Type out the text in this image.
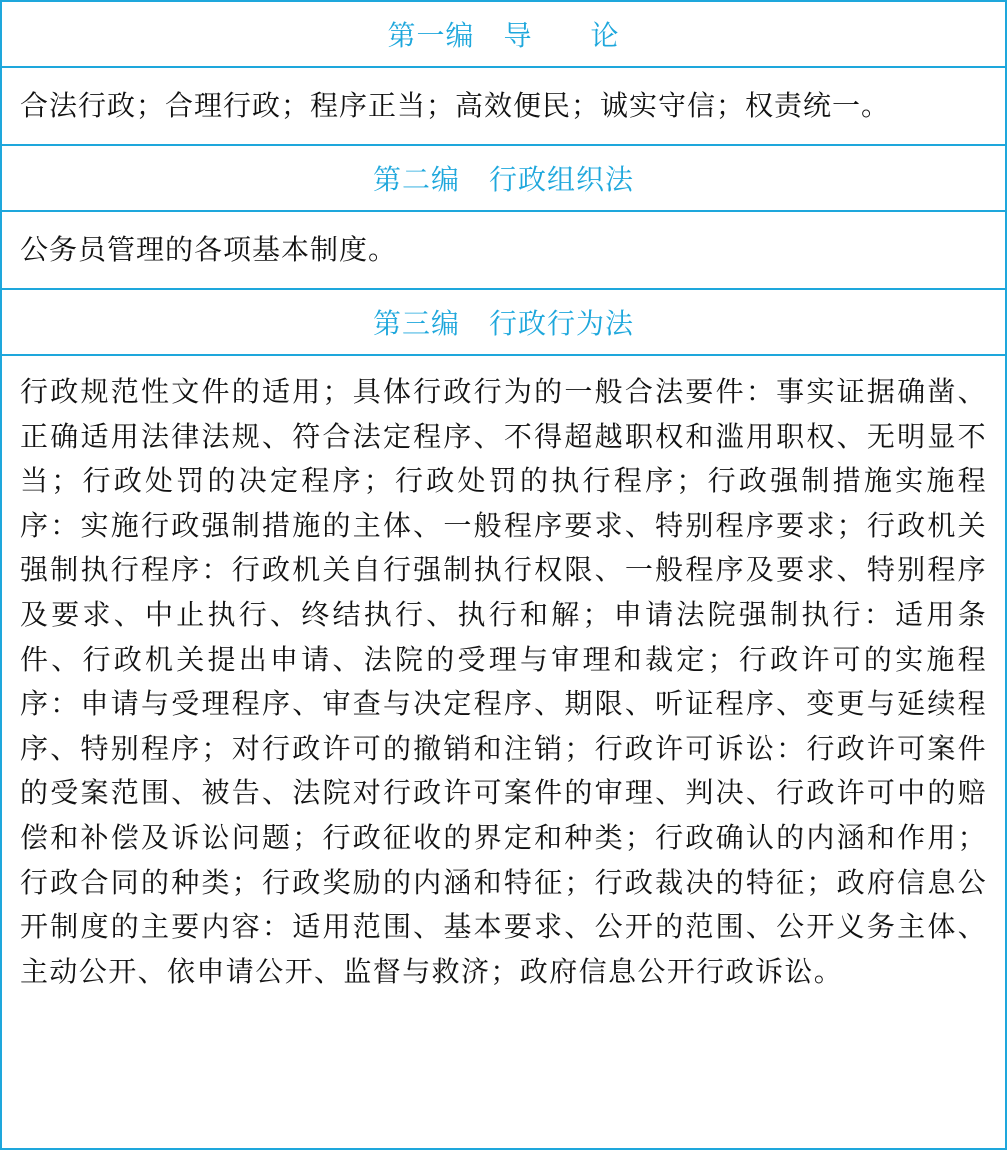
第一编　导　　论
合法行政；合理行政；程序正当；高效便民；诚实守信；权责统一。
第二编　行政组织法
公务员管理的各项基本制度。
第三编　行政行为法
行政规范性文件的适用；具体行政行为的一般合法要件：事实证据确凿、正确适用法律法规、符合法定程序、不得超越职权和滥用职权、无明显不当；行政处罚的决定程序；行政处罚的执行程序；行政强制措施实施程序：实施行政强制措施的主体、一般程序要求、特别程序要求；行政机关强制执行程序：行政机关自行强制执行权限、一般程序及要求、特别程序及要求、中止执行、终结执行、执行和解；申请法院强制执行：适用条件、行政机关提出申请、法院的受理与审理和裁定；行政许可的实施程序：申请与受理程序、审查与决定程序、期限、听证程序、变更与延续程序、特别程序；对行政许可的撤销和注销；行政许可诉讼：行政许可案件的受案范围、被告、法院对行政许可案件的审理、判决、行政许可中的赔偿和补偿及诉讼问题；行政征收的界定和种类；行政确认的内涵和作用；行政合同的种类；行政奖励的内涵和特征；行政裁决的特征；政府信息公开制度的主要内容：适用范围、基本要求、公开的范围、公开义务主体、主动公开、依申请公开、监督与救济；政府信息公开行政诉讼。
